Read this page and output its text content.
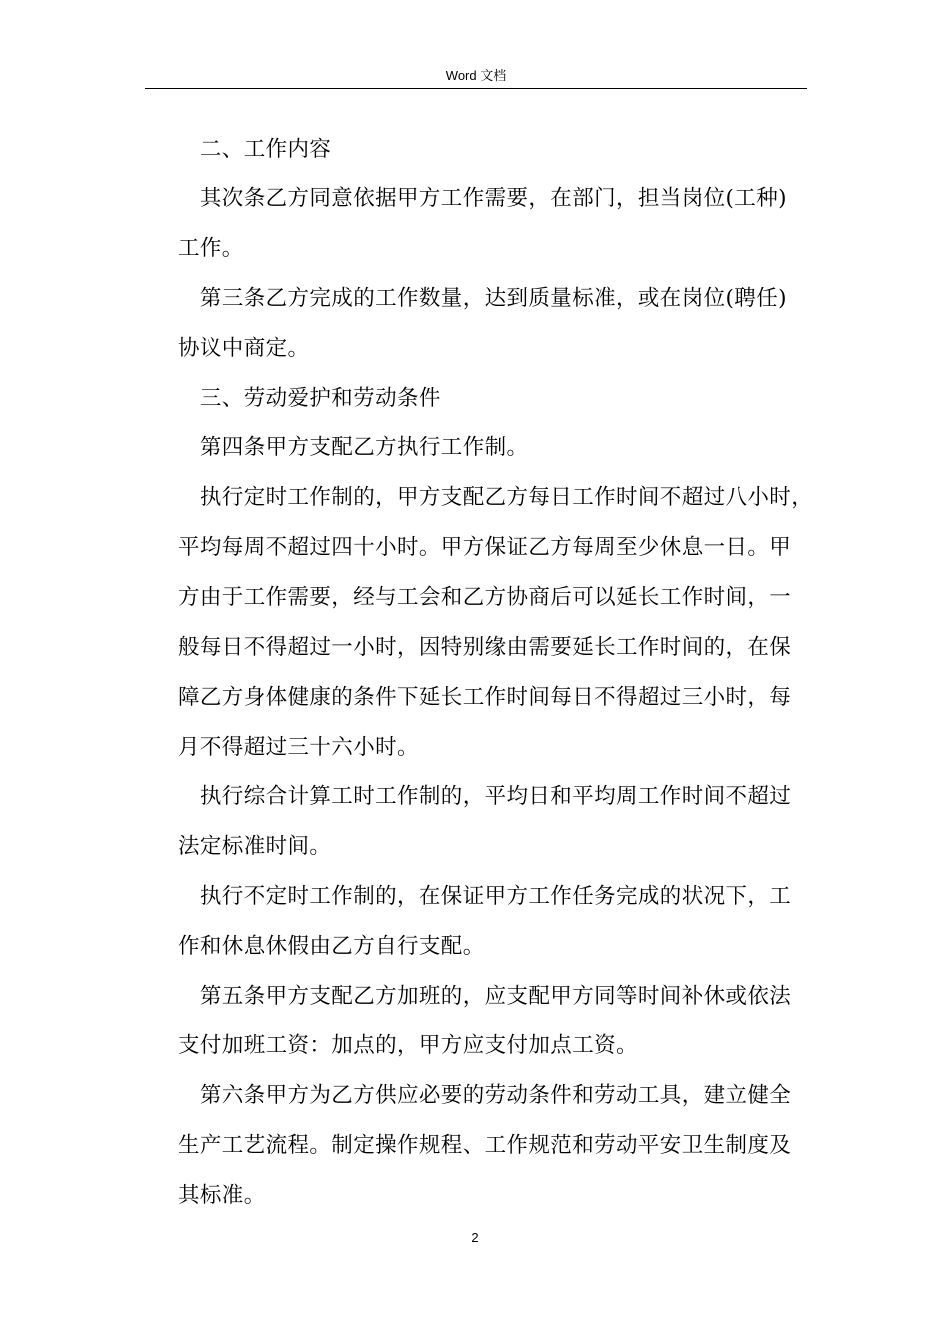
Word 文档
　二、工作内容
　其次条乙方同意依据甲方工作需要，在部门，担当岗位(工种)
工作。
　第三条乙方完成的工作数量，达到质量标准，或在岗位(聘任)
协议中商定。
　三、劳动爱护和劳动条件
　第四条甲方支配乙方执行工作制。
　执行定时工作制的，甲方支配乙方每日工作时间不超过八小时，
平均每周不超过四十小时。甲方保证乙方每周至少休息一日。甲
方由于工作需要，经与工会和乙方协商后可以延长工作时间，一
般每日不得超过一小时，因特别缘由需要延长工作时间的，在保
障乙方身体健康的条件下延长工作时间每日不得超过三小时，每
月不得超过三十六小时。
　执行综合计算工时工作制的，平均日和平均周工作时间不超过
法定标准时间。
　执行不定时工作制的，在保证甲方工作任务完成的状况下，工
作和休息休假由乙方自行支配。
　第五条甲方支配乙方加班的，应支配甲方同等时间补休或依法
支付加班工资：加点的，甲方应支付加点工资。
　第六条甲方为乙方供应必要的劳动条件和劳动工具，建立健全
生产工艺流程。制定操作规程、工作规范和劳动平安卫生制度及
其标准。
2
